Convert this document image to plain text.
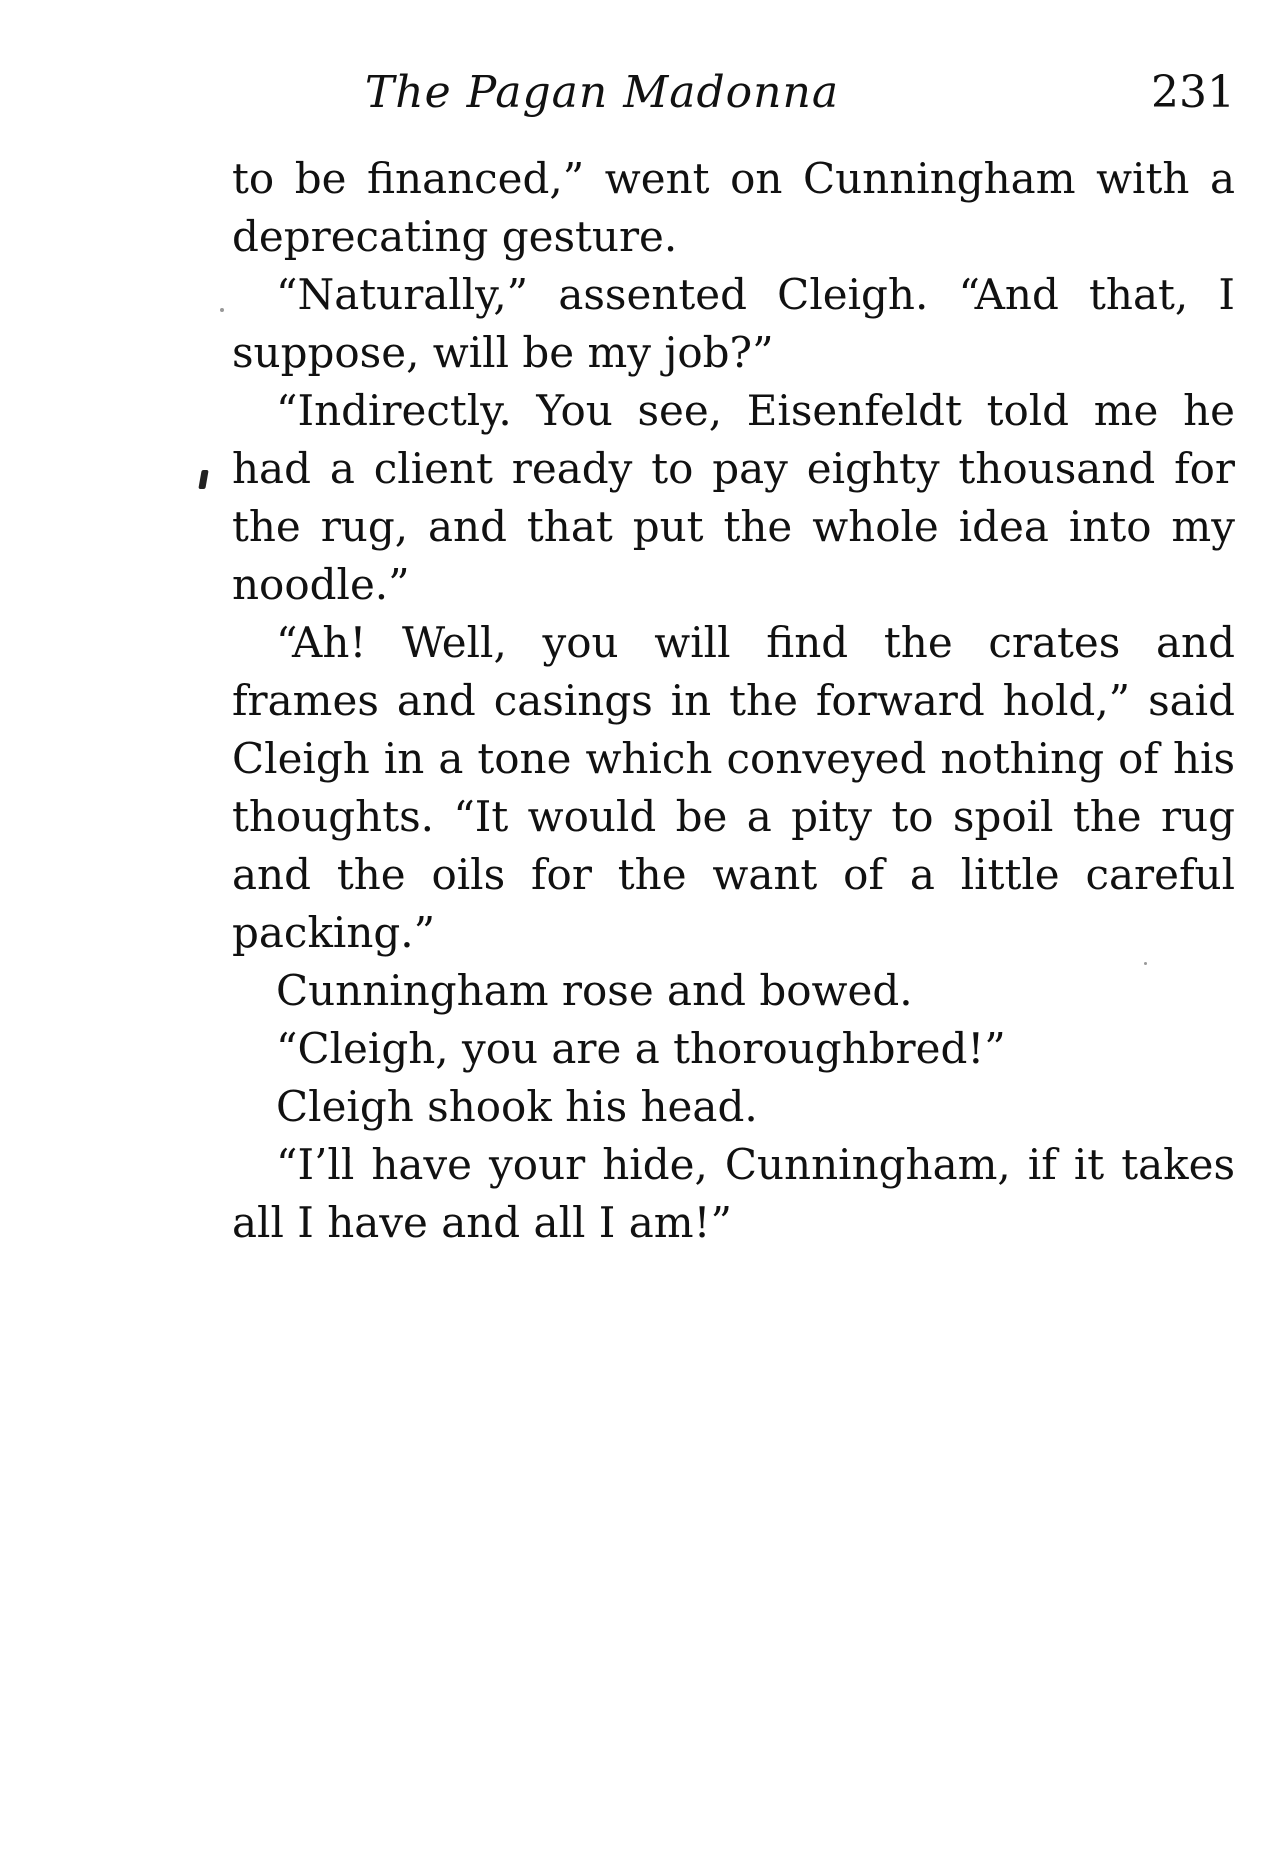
The Pagan Madonna	231

to be financed,” went on Cunningham with a deprecating gesture.

“Naturally,” assented Cleigh. “And that, I suppose, will be my job?”

“Indirectly. You see, Eisenfeldt told me he had a client ready to pay eighty thousand for the rug, and that put the whole idea into my noodle.”

“Ah! Well, you will find the crates and frames and casings in the forward hold,” said Cleigh in a tone which conveyed nothing of his thoughts. “It would be a pity to spoil the rug and the oils for the want of a little careful packing.”

Cunningham rose and bowed.

“Cleigh, you are a thoroughbred!”

Cleigh shook his head.

“I’ll have your hide, Cunningham, if it takes all I have and all I am!”
